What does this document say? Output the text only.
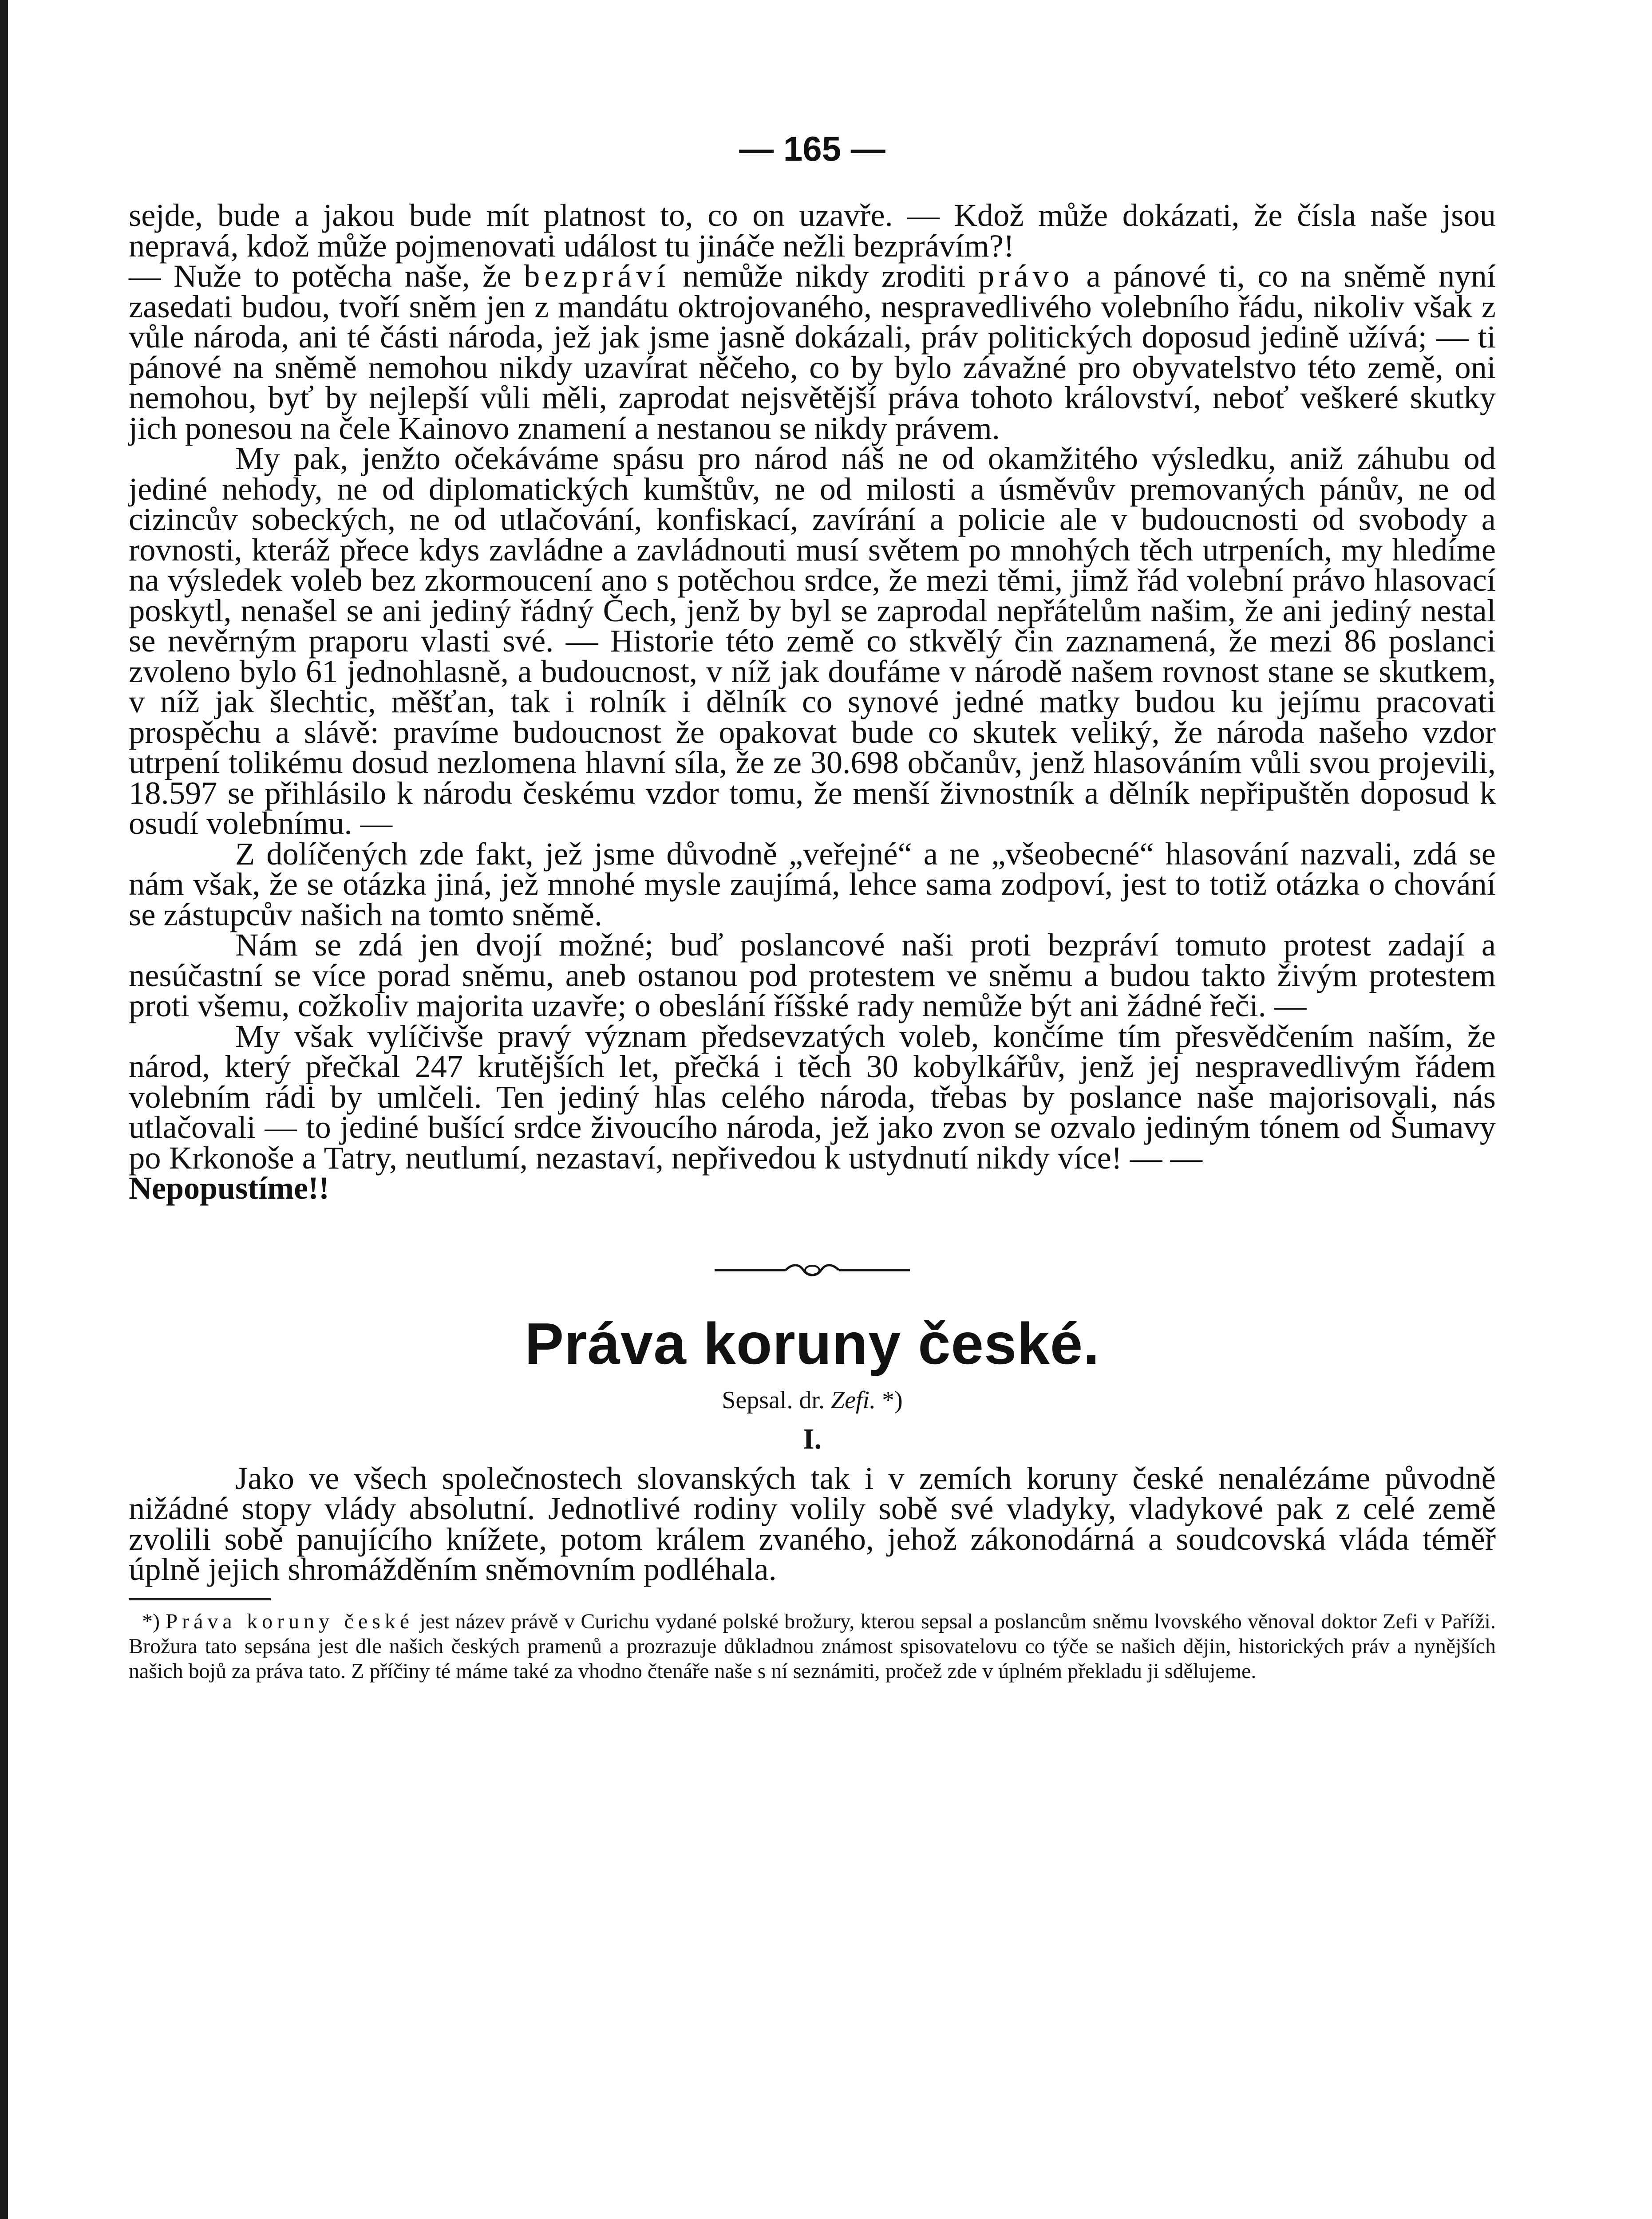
— 165 —

sejde, bude a jakou bude mít platnost to, co on uzavře. — Kdož může dokázati, že čísla naše jsou nepravá, kdož může pojmenovati událost tu jináče nežli bezprávím?!

— Nuže to potěcha naše, že bezpráví nemůže nikdy zroditi právo a pánové ti, co na sněmě nyní zasedati budou, tvoří sněm jen z mandátu oktrojovaného, nespravedlivého volebního řádu, nikoliv však z vůle národa, ani té části národa, jež jak jsme jasně dokázali, práv politických doposud jedině užívá; — ti pánové na sněmě nemohou nikdy uzavírat něčeho, co by bylo závažné pro obyvatelstvo této země, oni nemohou, byť by nejlepší vůli měli, zaprodat nejsvětější práva tohoto království, neboť veškeré skutky jich ponesou na čele Kainovo znamení a nestanou se nikdy právem.

My pak, jenžto očekáváme spásu pro národ náš ne od okamžitého výsledku, aniž záhubu od jediné nehody, ne od diplomatických kumštův, ne od milosti a úsměvův premovaných pánův, ne od cizincův sobeckých, ne od utlačování, konfiskací, zavírání a policie ale v budoucnosti od svobody a rovnosti, kteráž přece kdys zavládne a zavládnouti musí světem po mnohých těch utrpeních, my hledíme na výsledek voleb bez zkormoucení ano s potěchou srdce, že mezi těmi, jimž řád volební právo hlasovací poskytl, nenašel se ani jediný řádný Čech, jenž by byl se zaprodal nepřátelům našim, že ani jediný nestal se nevěrným praporu vlasti své. — Historie této země co stkvělý čin zaznamená, že mezi 86 poslanci zvoleno bylo 61 jednohlasně, a budoucnost, v níž jak doufáme v národě našem rovnost stane se skutkem, v níž jak šlechtic, měšťan, tak i rolník i dělník co synové jedné matky budou ku jejímu pracovati prospěchu a slávě: pravíme budoucnost že opakovat bude co skutek veliký, že národa našeho vzdor utrpení tolikému dosud nezlomena hlavní síla, že ze 30.698 občanův, jenž hlasováním vůli svou projevili, 18.597 se přihlásilo k národu českému vzdor tomu, že menší živnostník a dělník nepřipuštěn doposud k osudí volebnímu. —

Z dolíčených zde fakt, jež jsme důvodně „veřejné“ a ne „všeobecné“ hlasování nazvali, zdá se nám však, že se otázka jiná, jež mnohé mysle zaujímá, lehce sama zodpoví, jest to totiž otázka o chování se zástupcův našich na tomto sněmě.

Nám se zdá jen dvojí možné; buď poslancové naši proti bezpráví tomuto protest zadají a nesúčastní se více porad sněmu, aneb ostanou pod protestem ve sněmu a budou takto živým protestem proti všemu, cožkoliv majorita uzavře; o obeslání říšské rady nemůže být ani žádné řeči. —

My však vylíčivše pravý význam předsevzatých voleb, končíme tím přesvědčením naším, že národ, který přečkal 247 krutějších let, přečká i těch 30 kobylkářův, jenž jej nespravedlivým řádem volebním rádi by umlčeli. Ten jediný hlas celého národa, třebas by poslance naše majorisovali, nás utlačovali — to jediné bušící srdce živoucího národa, jež jako zvon se ozvalo jediným tónem od Šumavy po Krkonoše a Tatry, neutlumí, nezastaví, nepřivedou k ustydnutí nikdy více! — —

Nepopustíme!!

Práva koruny české.
Sepsal. dr. Zefi. *)
I.

Jako ve všech společnostech slovanských tak i v zemích koruny české nenalézáme původně nižádné stopy vlády absolutní. Jednotlivé rodiny volily sobě své vladyky, vladykové pak z celé země zvolili sobě panujícího knížete, potom králem zvaného, jehož zákonodárná a soudcovská vláda téměř úplně jejich shromážděním sněmovním podléhala.

*) Práva koruny české jest název právě v Curichu vydané polské brožury, kterou sepsal a poslancům sněmu lvovského věnoval doktor Zefi v Paříži. Brožura tato sepsána jest dle našich českých pramenů a prozrazuje důkladnou známost spisovatelovu co týče se našich dějin, historických práv a nynějších našich bojů za práva tato. Z příčiny té máme také za vhodno čtenáře naše s ní seznámiti, pročež zde v úplném překladu ji sdělujeme.
